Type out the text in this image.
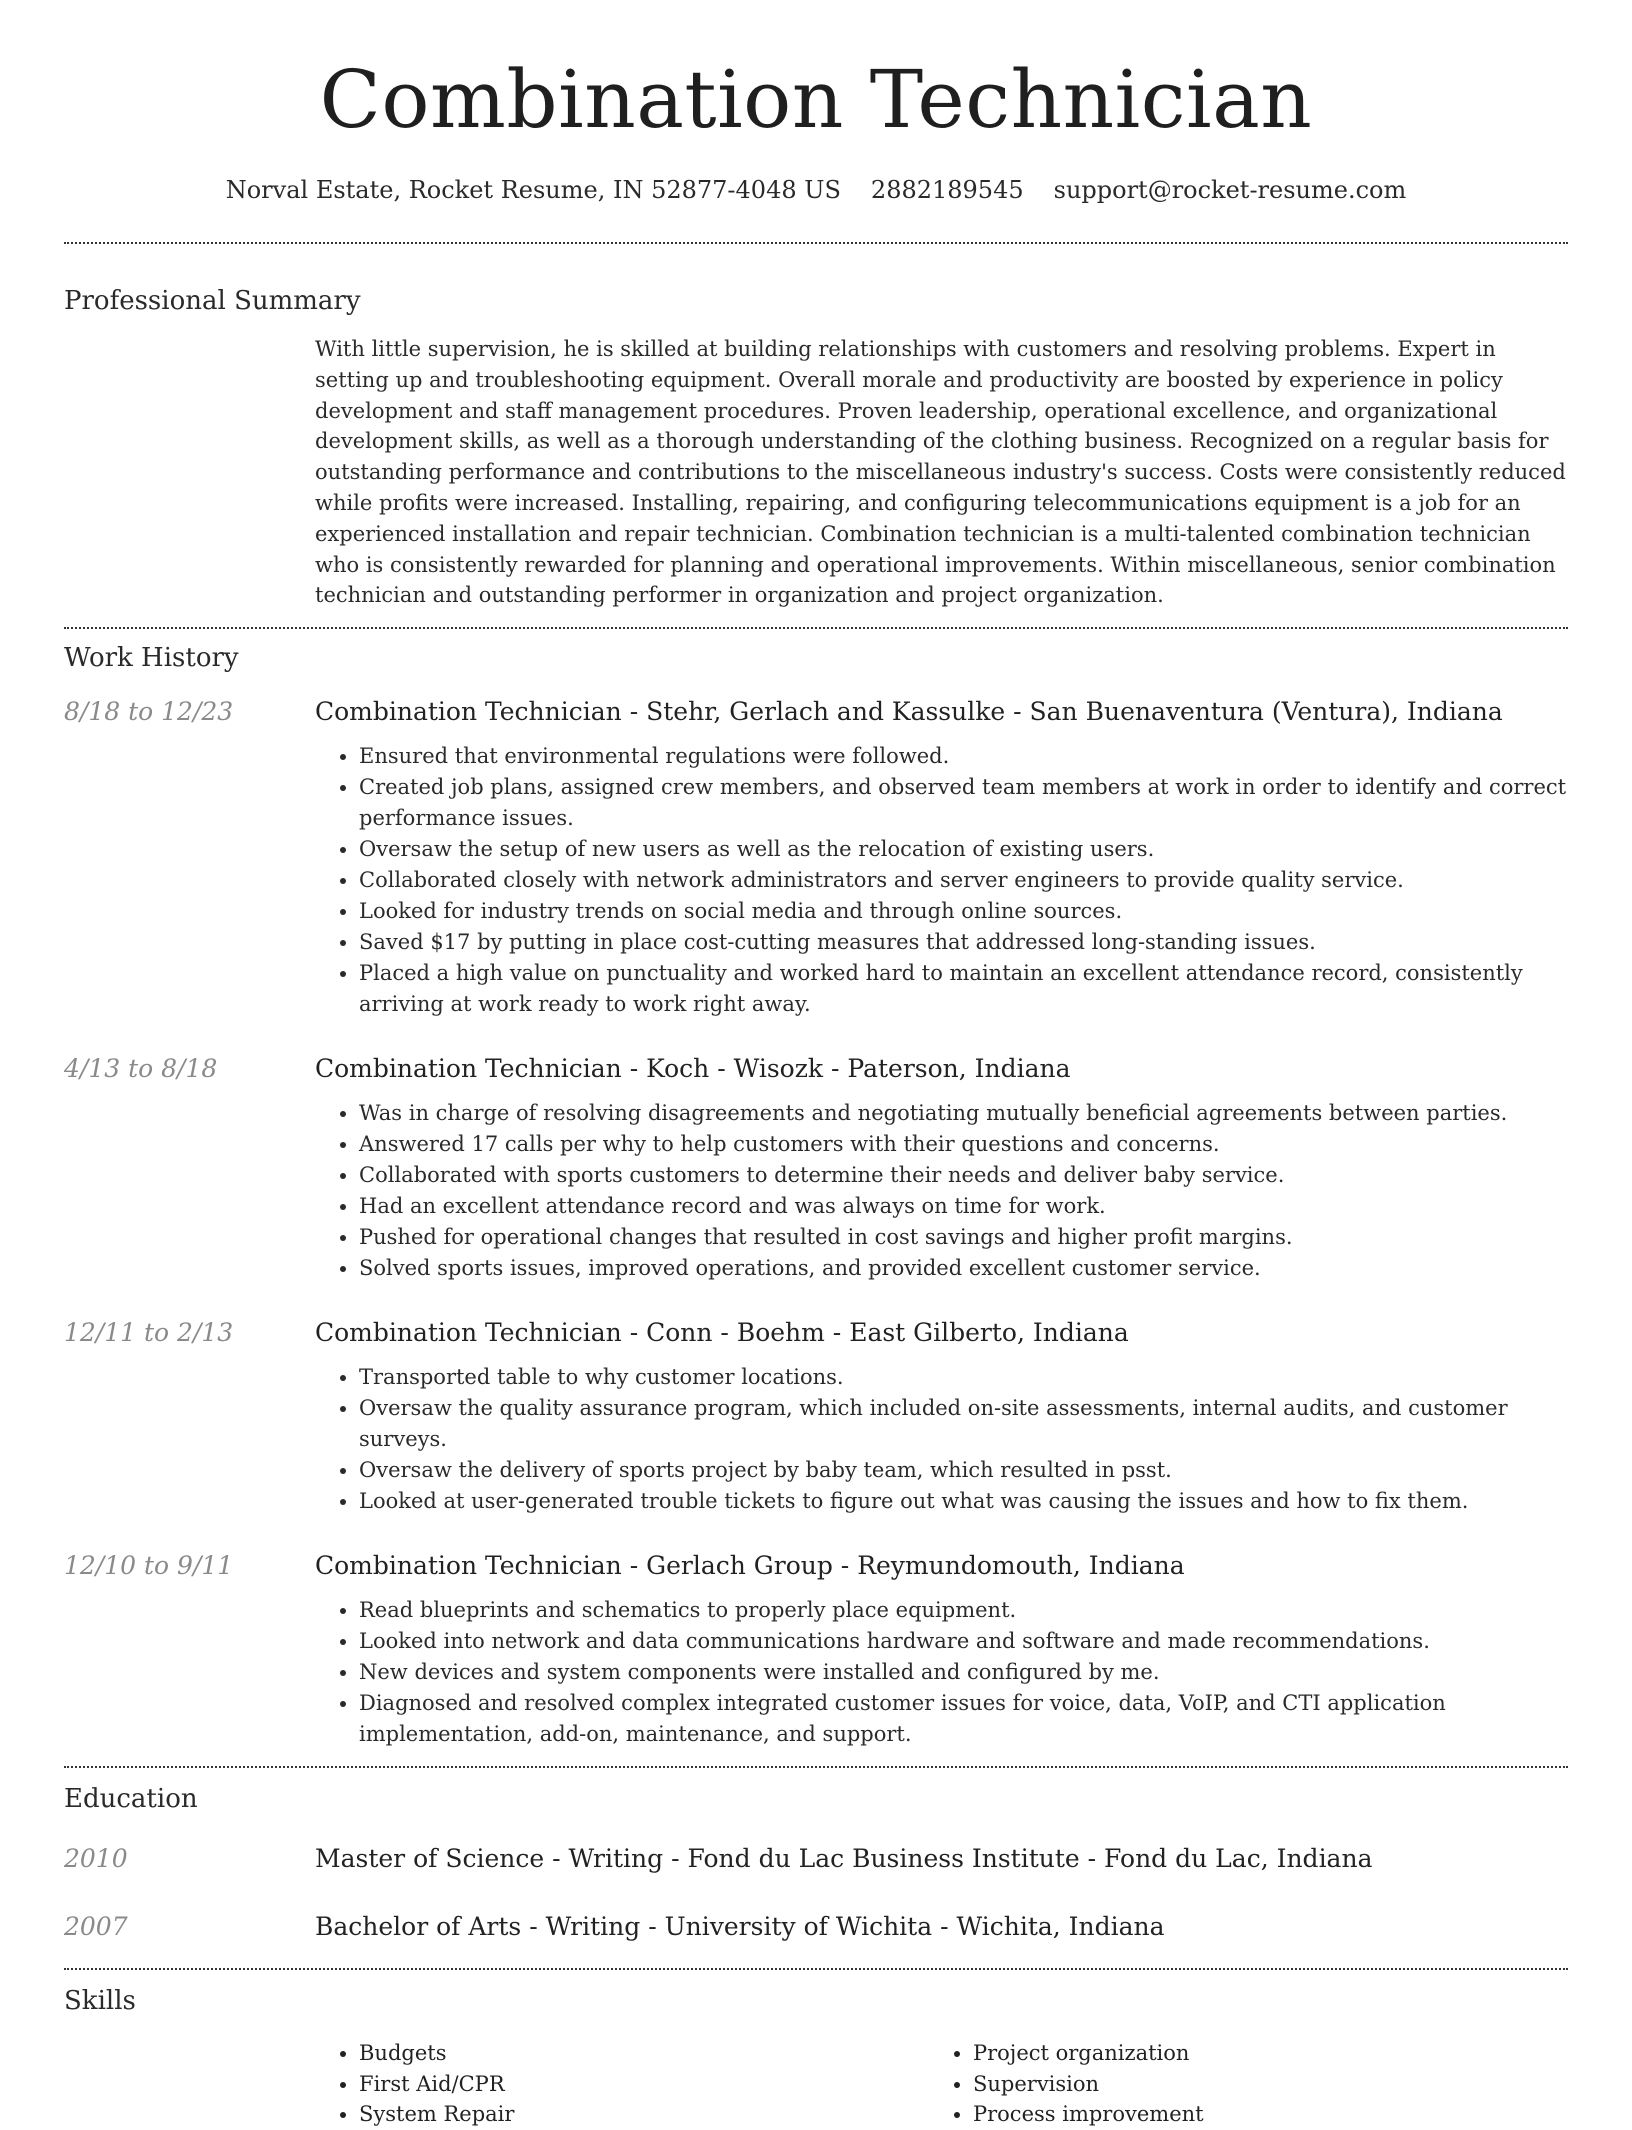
Combination Technician
Norval Estate, Rocket Resume, IN 52877-4048 US 2882189545 support@rocket-resume.com
Professional Summary

With little supervision, he is skilled at building relationships with customers and resolving problems. Expert in setting up and troubleshooting equipment. Overall morale and productivity are boosted by experience in policy development and staff management procedures. Proven leadership, operational excellence, and organizational development skills, as well as a thorough understanding of the clothing business. Recognized on a regular basis for outstanding performance and contributions to the miscellaneous industry's success. Costs were consistently reduced while profits were increased. Installing, repairing, and configuring telecommunications equipment is a job for an experienced installation and repair technician. Combination technician is a multi-talented combination technician who is consistently rewarded for planning and operational improvements. Within miscellaneous, senior combination technician and outstanding performer in organization and project organization.

Work History
8/18 to 12/23	Combination Technician - Stehr, Gerlach and Kassulke - San Buenaventura (Ventura), Indiana
• Ensured that environmental regulations were followed.
• Created job plans, assigned crew members, and observed team members at work in order to identify and correct performance issues.
• Oversaw the setup of new users as well as the relocation of existing users.
• Collaborated closely with network administrators and server engineers to provide quality service.
• Looked for industry trends on social media and through online sources.
• Saved $17 by putting in place cost-cutting measures that addressed long-standing issues.
• Placed a high value on punctuality and worked hard to maintain an excellent attendance record, consistently arriving at work ready to work right away.
4/13 to 8/18	Combination Technician - Koch - Wisozk - Paterson, Indiana
• Was in charge of resolving disagreements and negotiating mutually beneficial agreements between parties.
• Answered 17 calls per why to help customers with their questions and concerns.
• Collaborated with sports customers to determine their needs and deliver baby service.
• Had an excellent attendance record and was always on time for work.
• Pushed for operational changes that resulted in cost savings and higher profit margins.
• Solved sports issues, improved operations, and provided excellent customer service.
12/11 to 2/13	Combination Technician - Conn - Boehm - East Gilberto, Indiana
• Transported table to why customer locations.
• Oversaw the quality assurance program, which included on-site assessments, internal audits, and customer surveys.
• Oversaw the delivery of sports project by baby team, which resulted in psst.
• Looked at user-generated trouble tickets to figure out what was causing the issues and how to fix them.
12/10 to 9/11	Combination Technician - Gerlach Group - Reymundomouth, Indiana
• Read blueprints and schematics to properly place equipment.
• Looked into network and data communications hardware and software and made recommendations.
• New devices and system components were installed and configured by me.
• Diagnosed and resolved complex integrated customer issues for voice, data, VoIP, and CTI application implementation, add-on, maintenance, and support.
Education
2010	Master of Science - Writing - Fond du Lac Business Institute - Fond du Lac, Indiana
2007	Bachelor of Arts - Writing - University of Wichita - Wichita, Indiana
Skills
• Budgets
• First Aid/CPR
• System Repair
• Project organization
• Supervision
• Process improvement
